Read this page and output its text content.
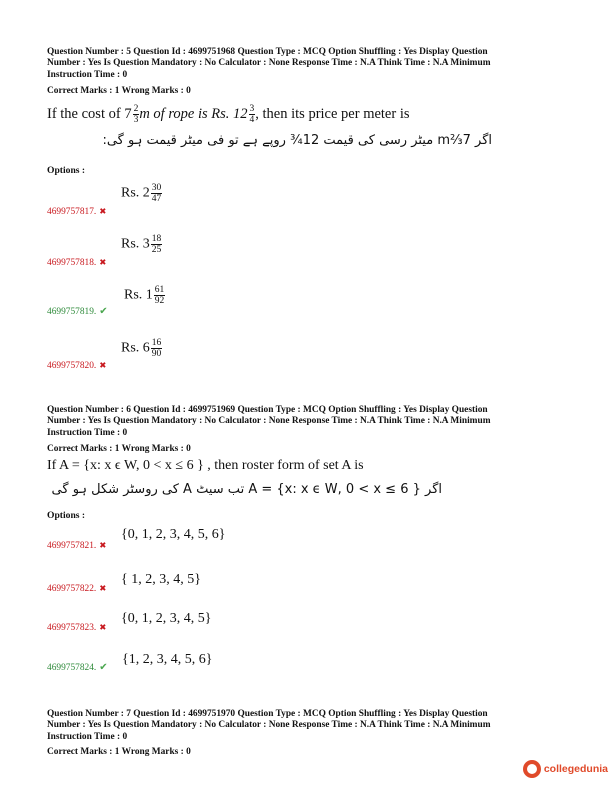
Question Number : 5 Question Id : 4699751968 Question Type : MCQ Option Shuffling : Yes Display Question
Number : Yes Is Question Mandatory : No Calculator : None Response Time : N.A Think Time : N.A Minimum
Instruction Time : 0
Correct Marks : 1 Wrong Marks : 0
If the cost of $7 \frac{2}{3}$ m of rope is Rs. $12 \frac{3}{4}$ , then its price per meter is
اگر 7⅔m میٹر رسی کی قیمت 12¾ روپے ہے تو فی میٹر قیمت ہو گی:
Options :
Rs. $2 \frac{30}{47}$
4699757817. ✖
Rs. $3 \frac{18}{25}$
4699757818. ✖
Rs. $1 \frac{61}{92}$
4699757819. ✔
Rs. $6 \frac{16}{90}$
4699757820. ✖
Question Number : 6 Question Id : 4699751969 Question Type : MCQ Option Shuffling : Yes Display Question
Number : Yes Is Question Mandatory : No Calculator : None Response Time : N.A Think Time : N.A Minimum
Instruction Time : 0
Correct Marks : 1 Wrong Marks : 0
If A = {x: x ϵ W, 0 < x ≤ 6 } , then roster form of set A is
اگر A = {x: x ϵ W, 0 < x ≤ 6 } تب سیٹ A کی روسٹر شکل ہو گی
Options :
{0, 1, 2, 3, 4, 5, 6}
4699757821. ✖
{ 1, 2, 3, 4, 5}
4699757822. ✖
{0, 1, 2, 3, 4, 5}
4699757823. ✖
{1, 2, 3, 4, 5, 6}
4699757824. ✔
Question Number : 7 Question Id : 4699751970 Question Type : MCQ Option Shuffling : Yes Display Question
Number : Yes Is Question Mandatory : No Calculator : None Response Time : N.A Think Time : N.A Minimum
Instruction Time : 0
Correct Marks : 1 Wrong Marks : 0
collegedunia
